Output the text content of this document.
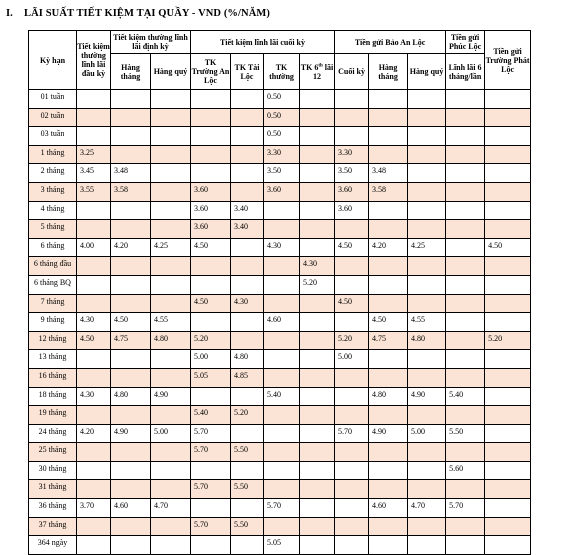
I. LÃI SUẤT TIẾT KIỆM TẠI QUẦY - VND (%/NĂM)
Kỳ hạn	Tiết kiệm thường lĩnh lãi đầu kỳ	Tiết kiệm thường lĩnh lãi định kỳ		Tiết kiệm lĩnh lãi cuối kỳ				Tiền gửi Bảo An Lộc			Tiền gửi Phúc Lộc	Tiền gửi Trường Phát Lộc
		Hàng tháng	Hàng quý	TK Trường An Lộc	TK Tài Lộc	TK thường	TK 6th lãi 12	Cuối kỳ	Hàng tháng	Hàng quý	Lĩnh lãi 6 tháng/lần	
01 tuần						0.50						
02 tuần						0.50						
03 tuần						0.50						
1 tháng	3.25					3.30		3.30				
2 tháng	3.45	3.48				3.50		3.50	3.48			
3 tháng	3.55	3.58		3.60		3.60		3.60	3.58			
4 tháng				3.60	3.40			3.60				
5 tháng				3.60	3.40							
6 tháng	4.00	4.20	4.25	4.50		4.30		4.50	4.20	4.25		4.50
6 tháng đầu							4.30					
6 tháng BQ							5.20					
7 tháng				4.50	4.30			4.50				
9 tháng	4.30	4.50	4.55			4.60			4.50	4.55		
12 tháng	4.50	4.75	4.80	5.20				5.20	4.75	4.80		5.20
13 tháng				5.00	4.80			5.00				
16 tháng				5.05	4.85							
18 tháng	4.30	4.80	4.90			5.40			4.80	4.90	5.40	
19 tháng				5.40	5.20							
24 tháng	4.20	4.90	5.00	5.70				5.70	4.90	5.00	5.50	
25 tháng				5.70	5.50							
30 tháng											5.60	
31 tháng				5.70	5.50							
36 tháng	3.70	4.60	4.70			5.70			4.60	4.70	5.70	
37 tháng				5.70	5.50							
364 ngày						5.05						
